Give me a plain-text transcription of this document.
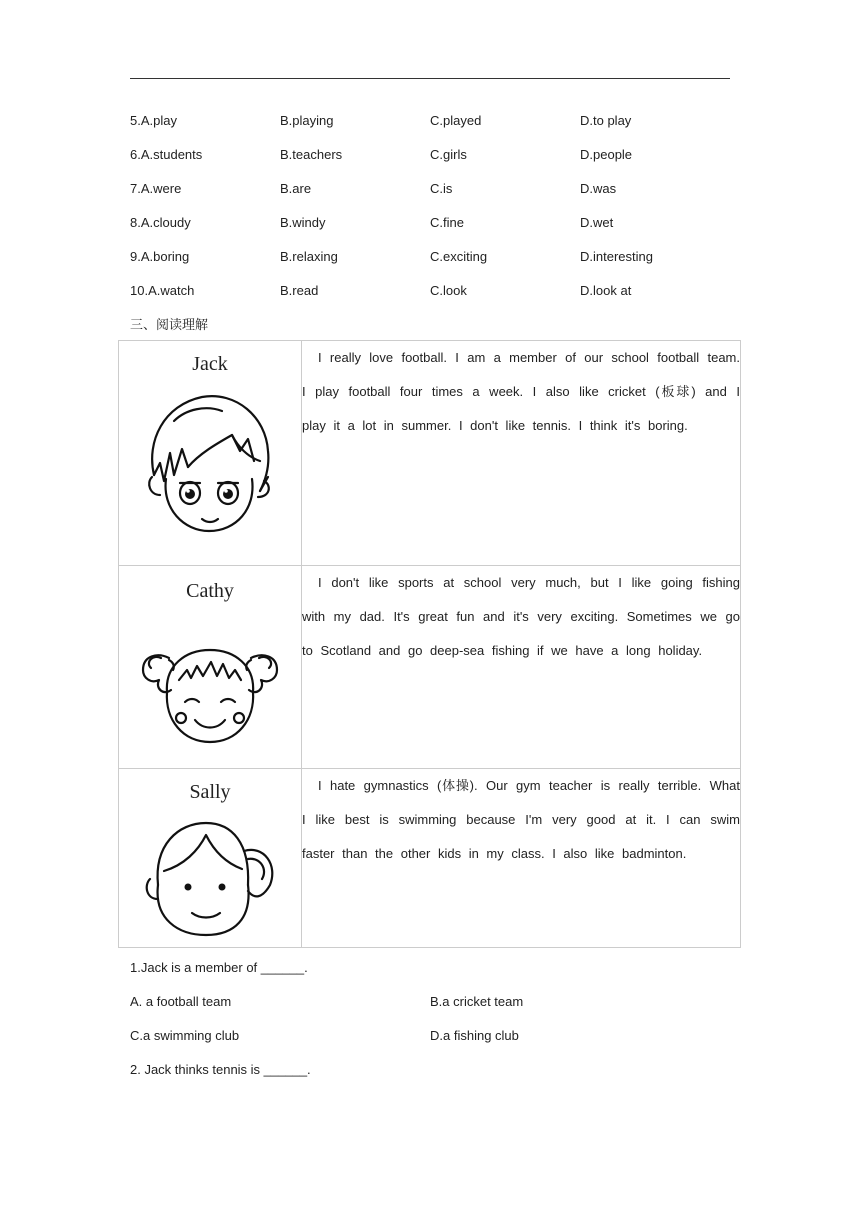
5.A.play	B.playing	C.played	D.to play
6.A.students	B.teachers	C.girls	D.people
7.A.were	B.are	C.is	D.was
8.A.cloudy	B.windy	C.fine	D.wet
9.A.boring	B.relaxing	C.exciting	D.interesting
10.A.watch	B.read	C.look	D.look at
三、阅读理解
Jack	I really love football. I am a member of our school football team. I play football four times a week. I also like cricket (板球) and I play it a lot in summer. I don't like tennis. I think it's boring.

Cathy	I don't like sports at school very much, but I like going fishing with my dad. It's great fun and it's very exciting. Sometimes we go to Scotland and go deep-sea fishing if we have a long holiday.

Sally	I hate gymnastics (体操). Our gym teacher is really terrible. What I like best is swimming because I'm very good at it. I can swim faster than the other kids in my class. I also like badminton.
1.Jack is a member of ______.
A. a football team	B.a cricket team
C.a swimming club	D.a fishing club
2. Jack thinks tennis is ______.
